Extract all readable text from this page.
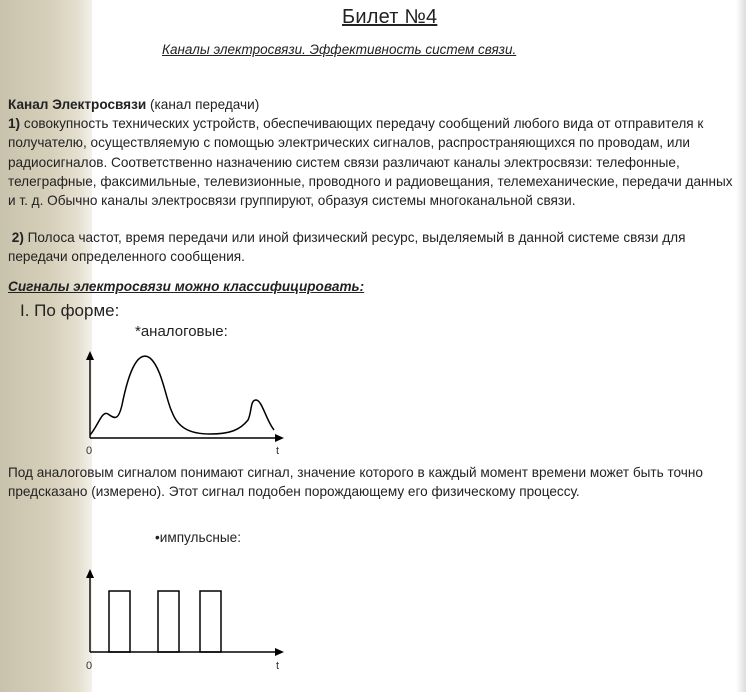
Билет №4
Каналы электросвязи. Эффективность систем связи.
Канал Электросвязи (канал передачи)
1) совокупность технических устройств, обеспечивающих передачу сообщений любого вида от отправителя к получателю, осуществляемую с помощью электрических сигналов, распространяющихся по проводам, или радиосигналов. Соответственно назначению систем связи различают каналы электросвязи: телефонные, телеграфные, факсимильные, телевизионные, проводного и радиовещания, телемеханические, передачи данных и т. д. Обычно каналы электросвязи группируют, образуя системы многоканальной связи.
2) Полоса частот, время передачи или иной физический ресурс, выделяемый в данной системе связи для передачи определенного сообщения.
Сигналы электросвязи можно классифицировать:
I. По форме:
*аналоговые:
0	t
Под аналоговым сигналом понимают сигнал, значение которого в каждый момент времени может быть точно предсказано (измерено). Этот сигнал подобен порождающему его физическому процессу.
•импульсные:
0	t
